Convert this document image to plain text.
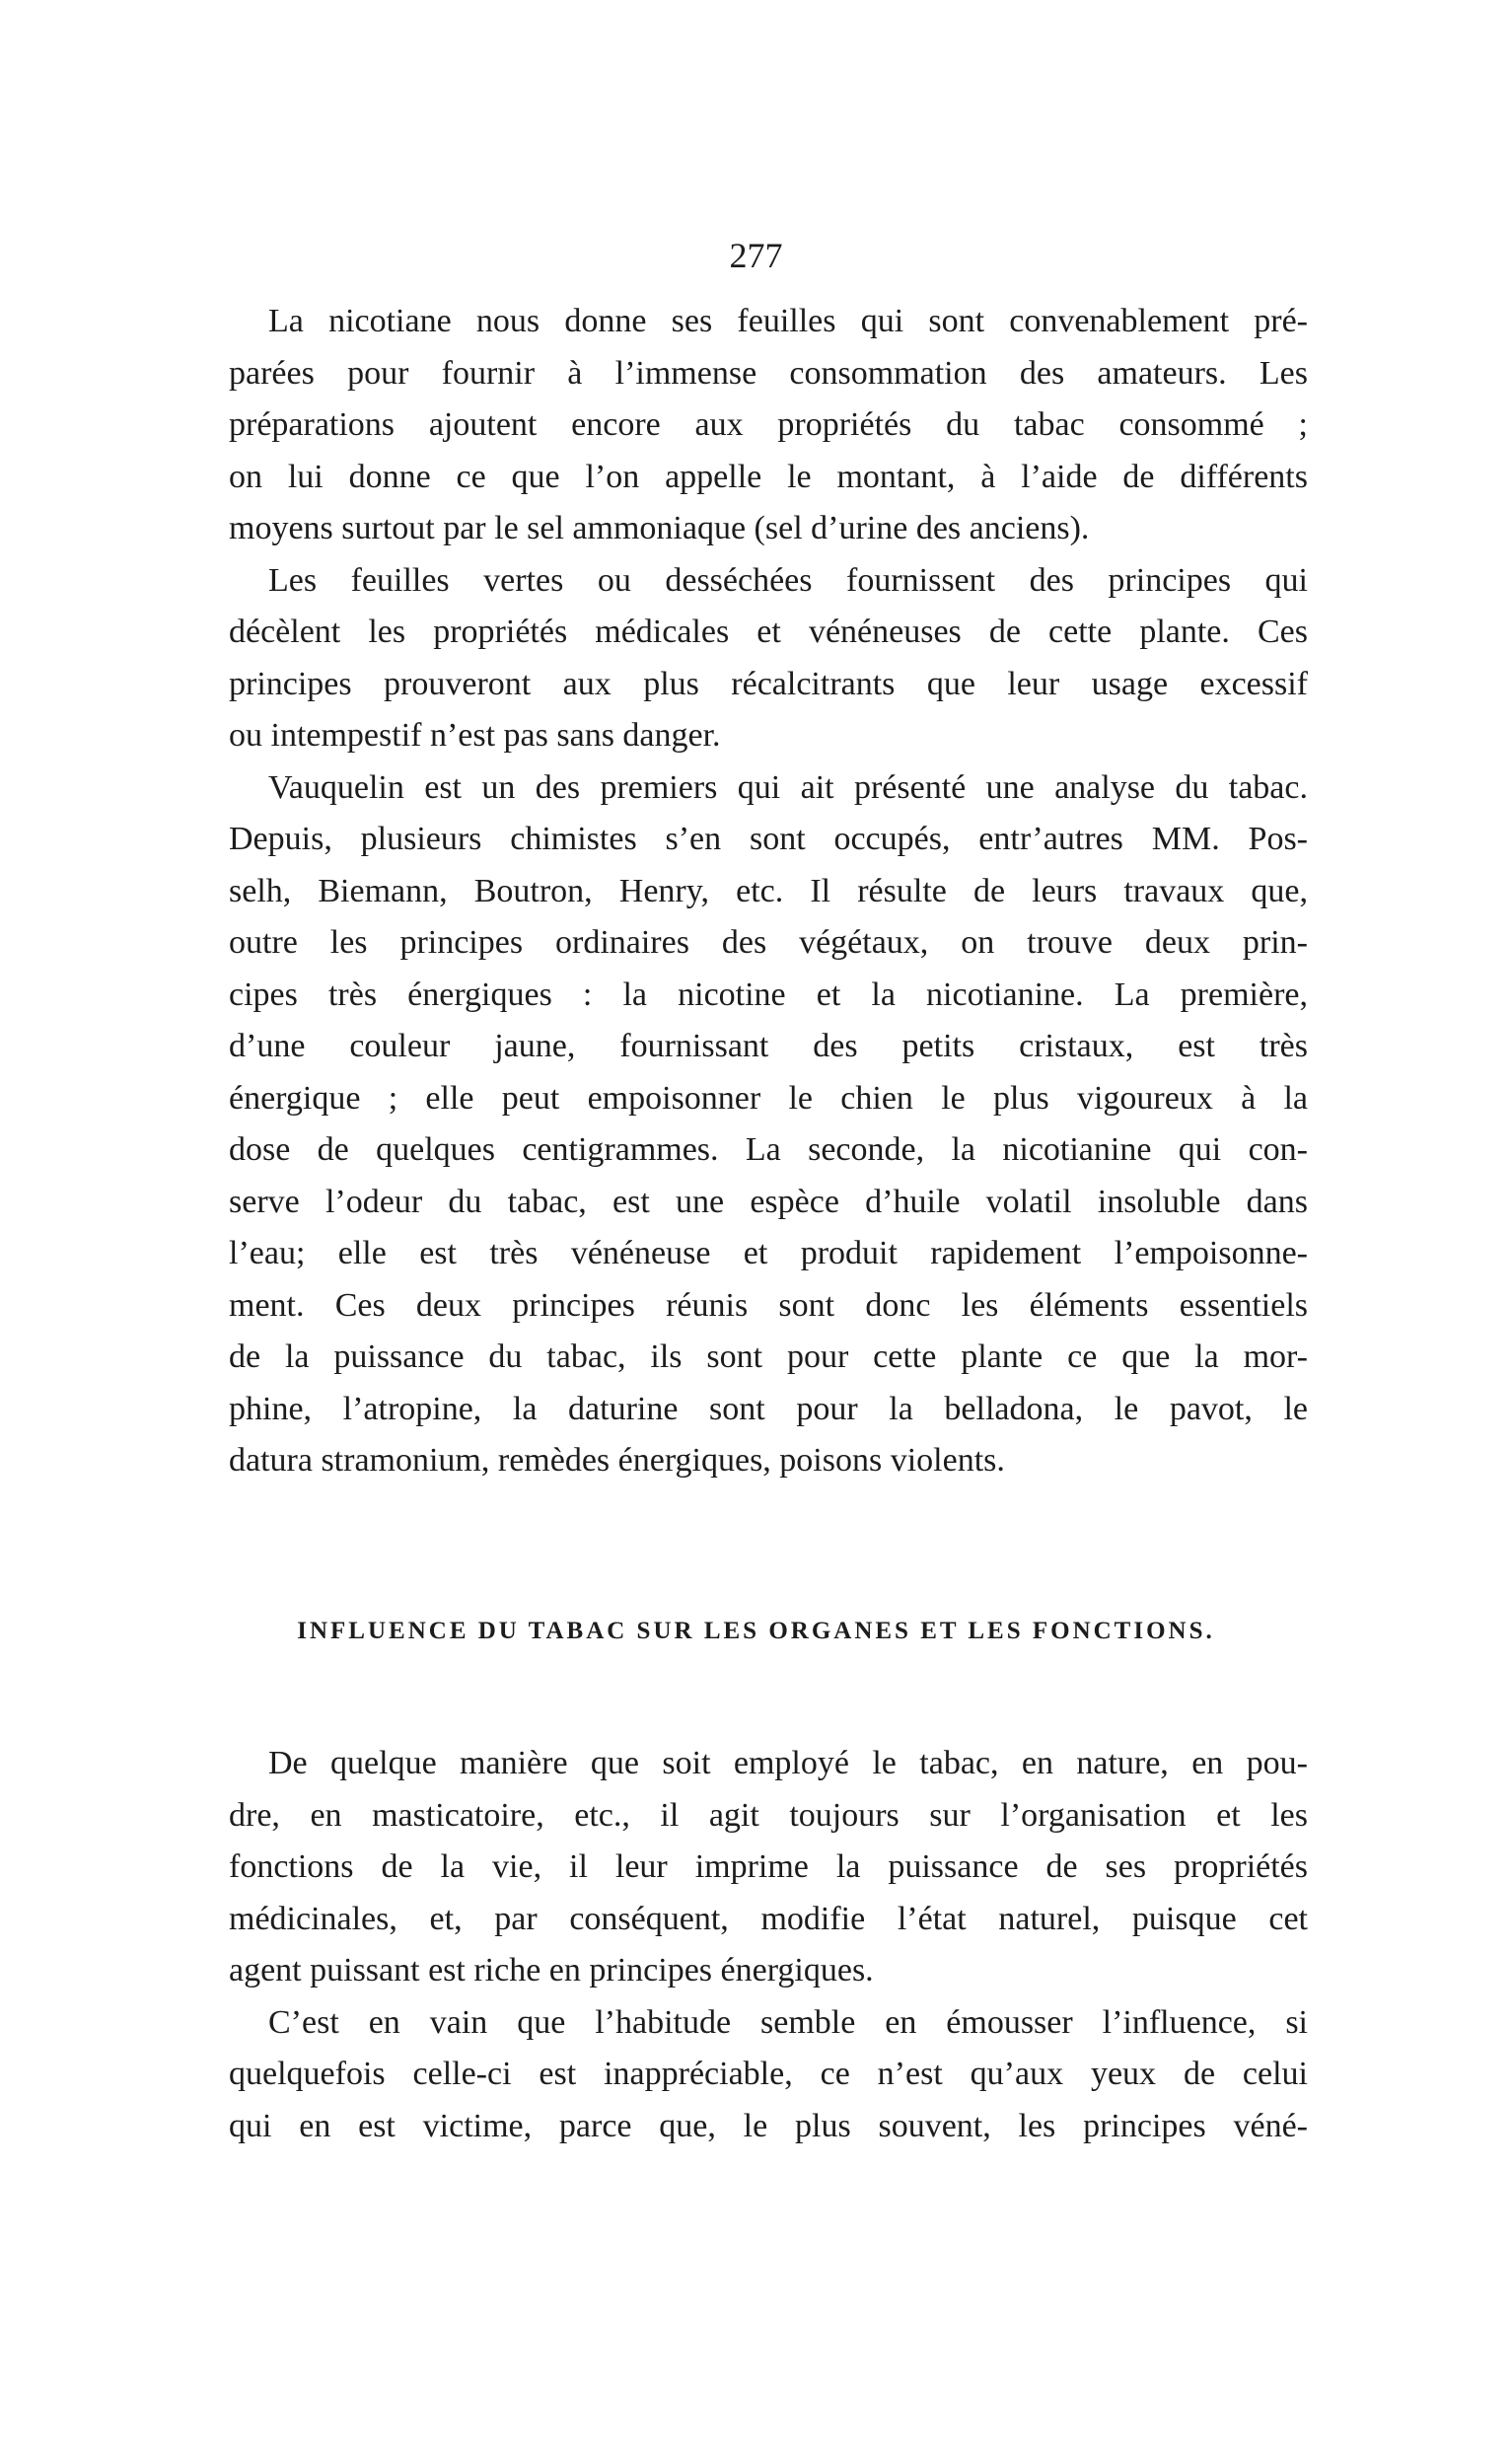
277
La nicotiane nous donne ses feuilles qui sont convenablement pré-
parées pour fournir à l’immense consommation des amateurs. Les
préparations ajoutent encore aux propriétés du tabac consommé ;
on lui donne ce que l’on appelle le montant, à l’aide de différents
moyens surtout par le sel ammoniaque (sel d’urine des anciens).
Les feuilles vertes ou desséchées fournissent des principes qui
décèlent les propriétés médicales et vénéneuses de cette plante. Ces
principes prouveront aux plus récalcitrants que leur usage excessif
ou intempestif n’est pas sans danger.
Vauquelin est un des premiers qui ait présenté une analyse du tabac.
Depuis, plusieurs chimistes s’en sont occupés, entr’autres MM. Pos-
selh, Biemann, Boutron, Henry, etc. Il résulte de leurs travaux que,
outre les principes ordinaires des végétaux, on trouve deux prin-
cipes très énergiques : la nicotine et la nicotianine. La première,
d’une couleur jaune, fournissant des petits cristaux, est très
énergique ; elle peut empoisonner le chien le plus vigoureux à la
dose de quelques centigrammes. La seconde, la nicotianine qui con-
serve l’odeur du tabac, est une espèce d’huile volatil insoluble dans
l’eau; elle est très vénéneuse et produit rapidement l’empoisonne-
ment. Ces deux principes réunis sont donc les éléments essentiels
de la puissance du tabac, ils sont pour cette plante ce que la mor-
phine, l’atropine, la daturine sont pour la belladona, le pavot, le
datura stramonium, remèdes énergiques, poisons violents.
INFLUENCE DU TABAC SUR LES ORGANES ET LES FONCTIONS.
De quelque manière que soit employé le tabac, en nature, en pou-
dre, en masticatoire, etc., il agit toujours sur l’organisation et les
fonctions de la vie, il leur imprime la puissance de ses propriétés
médicinales, et, par conséquent, modifie l’état naturel, puisque cet
agent puissant est riche en principes énergiques.
C’est en vain que l’habitude semble en émousser l’influence, si
quelquefois celle-ci est inappréciable, ce n’est qu’aux yeux de celui
qui en est victime, parce que, le plus souvent, les principes véné-
